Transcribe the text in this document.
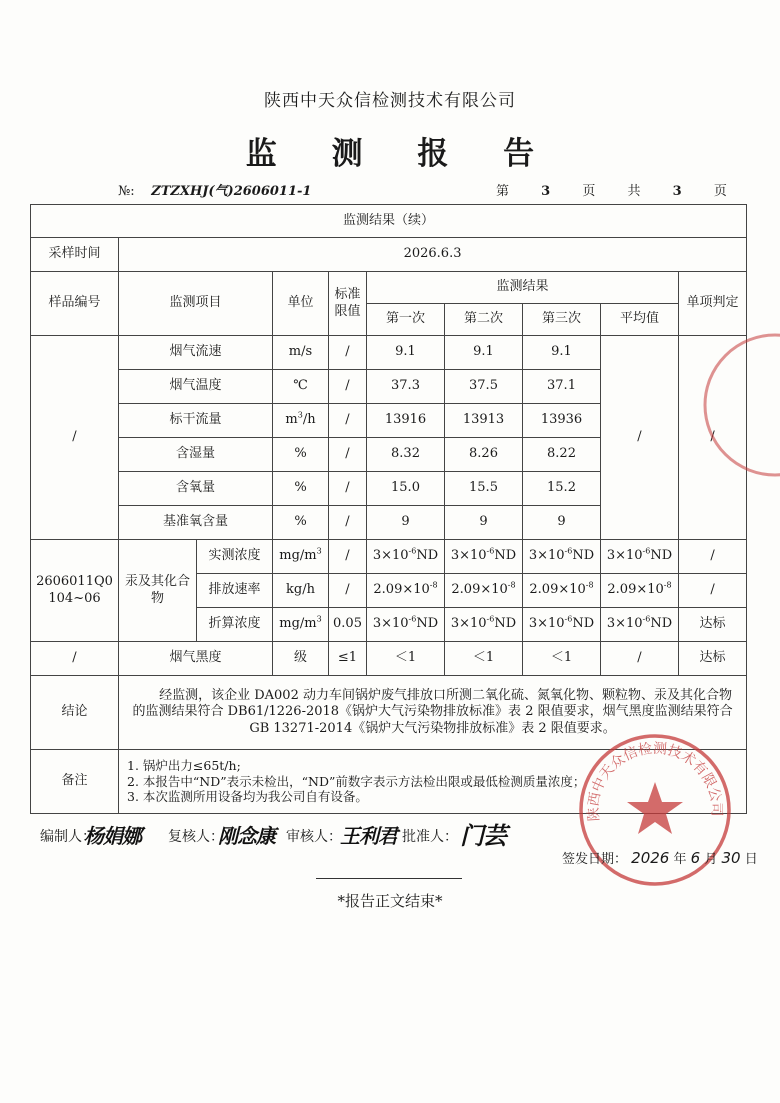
陕西中天众信检测技术有限公司
监 测 报 告
№: ZTZXHJ(气)2606011-1	第 3 页 共 3 页
监测结果（续）									
采样时间	2026.6.3								
样品编号	监测项目		单位	标准限值	监测结果				单项判定
					第一次	第二次	第三次	平均值	
/	烟气流速		m/s	/	9.1	9.1	9.1	/	/
	烟气温度		℃	/	37.3	37.5	37.1		
	标干流量		$m^3/h$	/	13916	13913	13936		
	含湿量		%	/	8.32	8.26	8.22		
	含氧量		%	/	15.0	15.5	15.2		
	基准氧含量		%	/	9	9	9		
2606011Q0104~06	汞及其化合物	实测浓度	$mg/m^3$	/	$3\times 10^{-6}ND$	$3\times 10^{-6}ND$	$3\times 10^{-6}ND$	$3\times 10^{-6}ND$	/
		排放速率	kg/h	/	$2.09\times 10^{-8}$	$2.09\times 10^{-8}$	$2.09\times 10^{-8}$	$2.09\times 10^{-8}$	/
		折算浓度	$mg/m^3$	0.05	$3\times 10^{-6}ND$	$3\times 10^{-6}ND$	$3\times 10^{-6}ND$	$3\times 10^{-6}ND$	达标
/	烟气黑度		级	≤1	＜1	＜1	＜1	/	达标
结论	经监测，该企业 DA002 动力车间锅炉废气排放口所测二氧化硫、氮氧化物、颗粒物、汞及其化合物的监测结果符合 DB61/1226-2018《锅炉大气污染物排放标准》表 2 限值要求，烟气黑度监测结果符合 GB 13271-2014《锅炉大气污染物排放标准》表 2 限值要求。								
备注	1. 锅炉出力≤65t/h;
2. 本报告中“ND”表示未检出，“ND”前数字表示方法检出限或最低检测质量浓度；
3. 本次监测所用设备均为我公司自有设备。								
陕西中天众信检测技术有限公司
编制人：
杨娟娜 复核人：
刚念康 审核人：
王利君 批准人： 门芸
签发日期： 2026 年 6 月 30 日
*报告正文结束*
